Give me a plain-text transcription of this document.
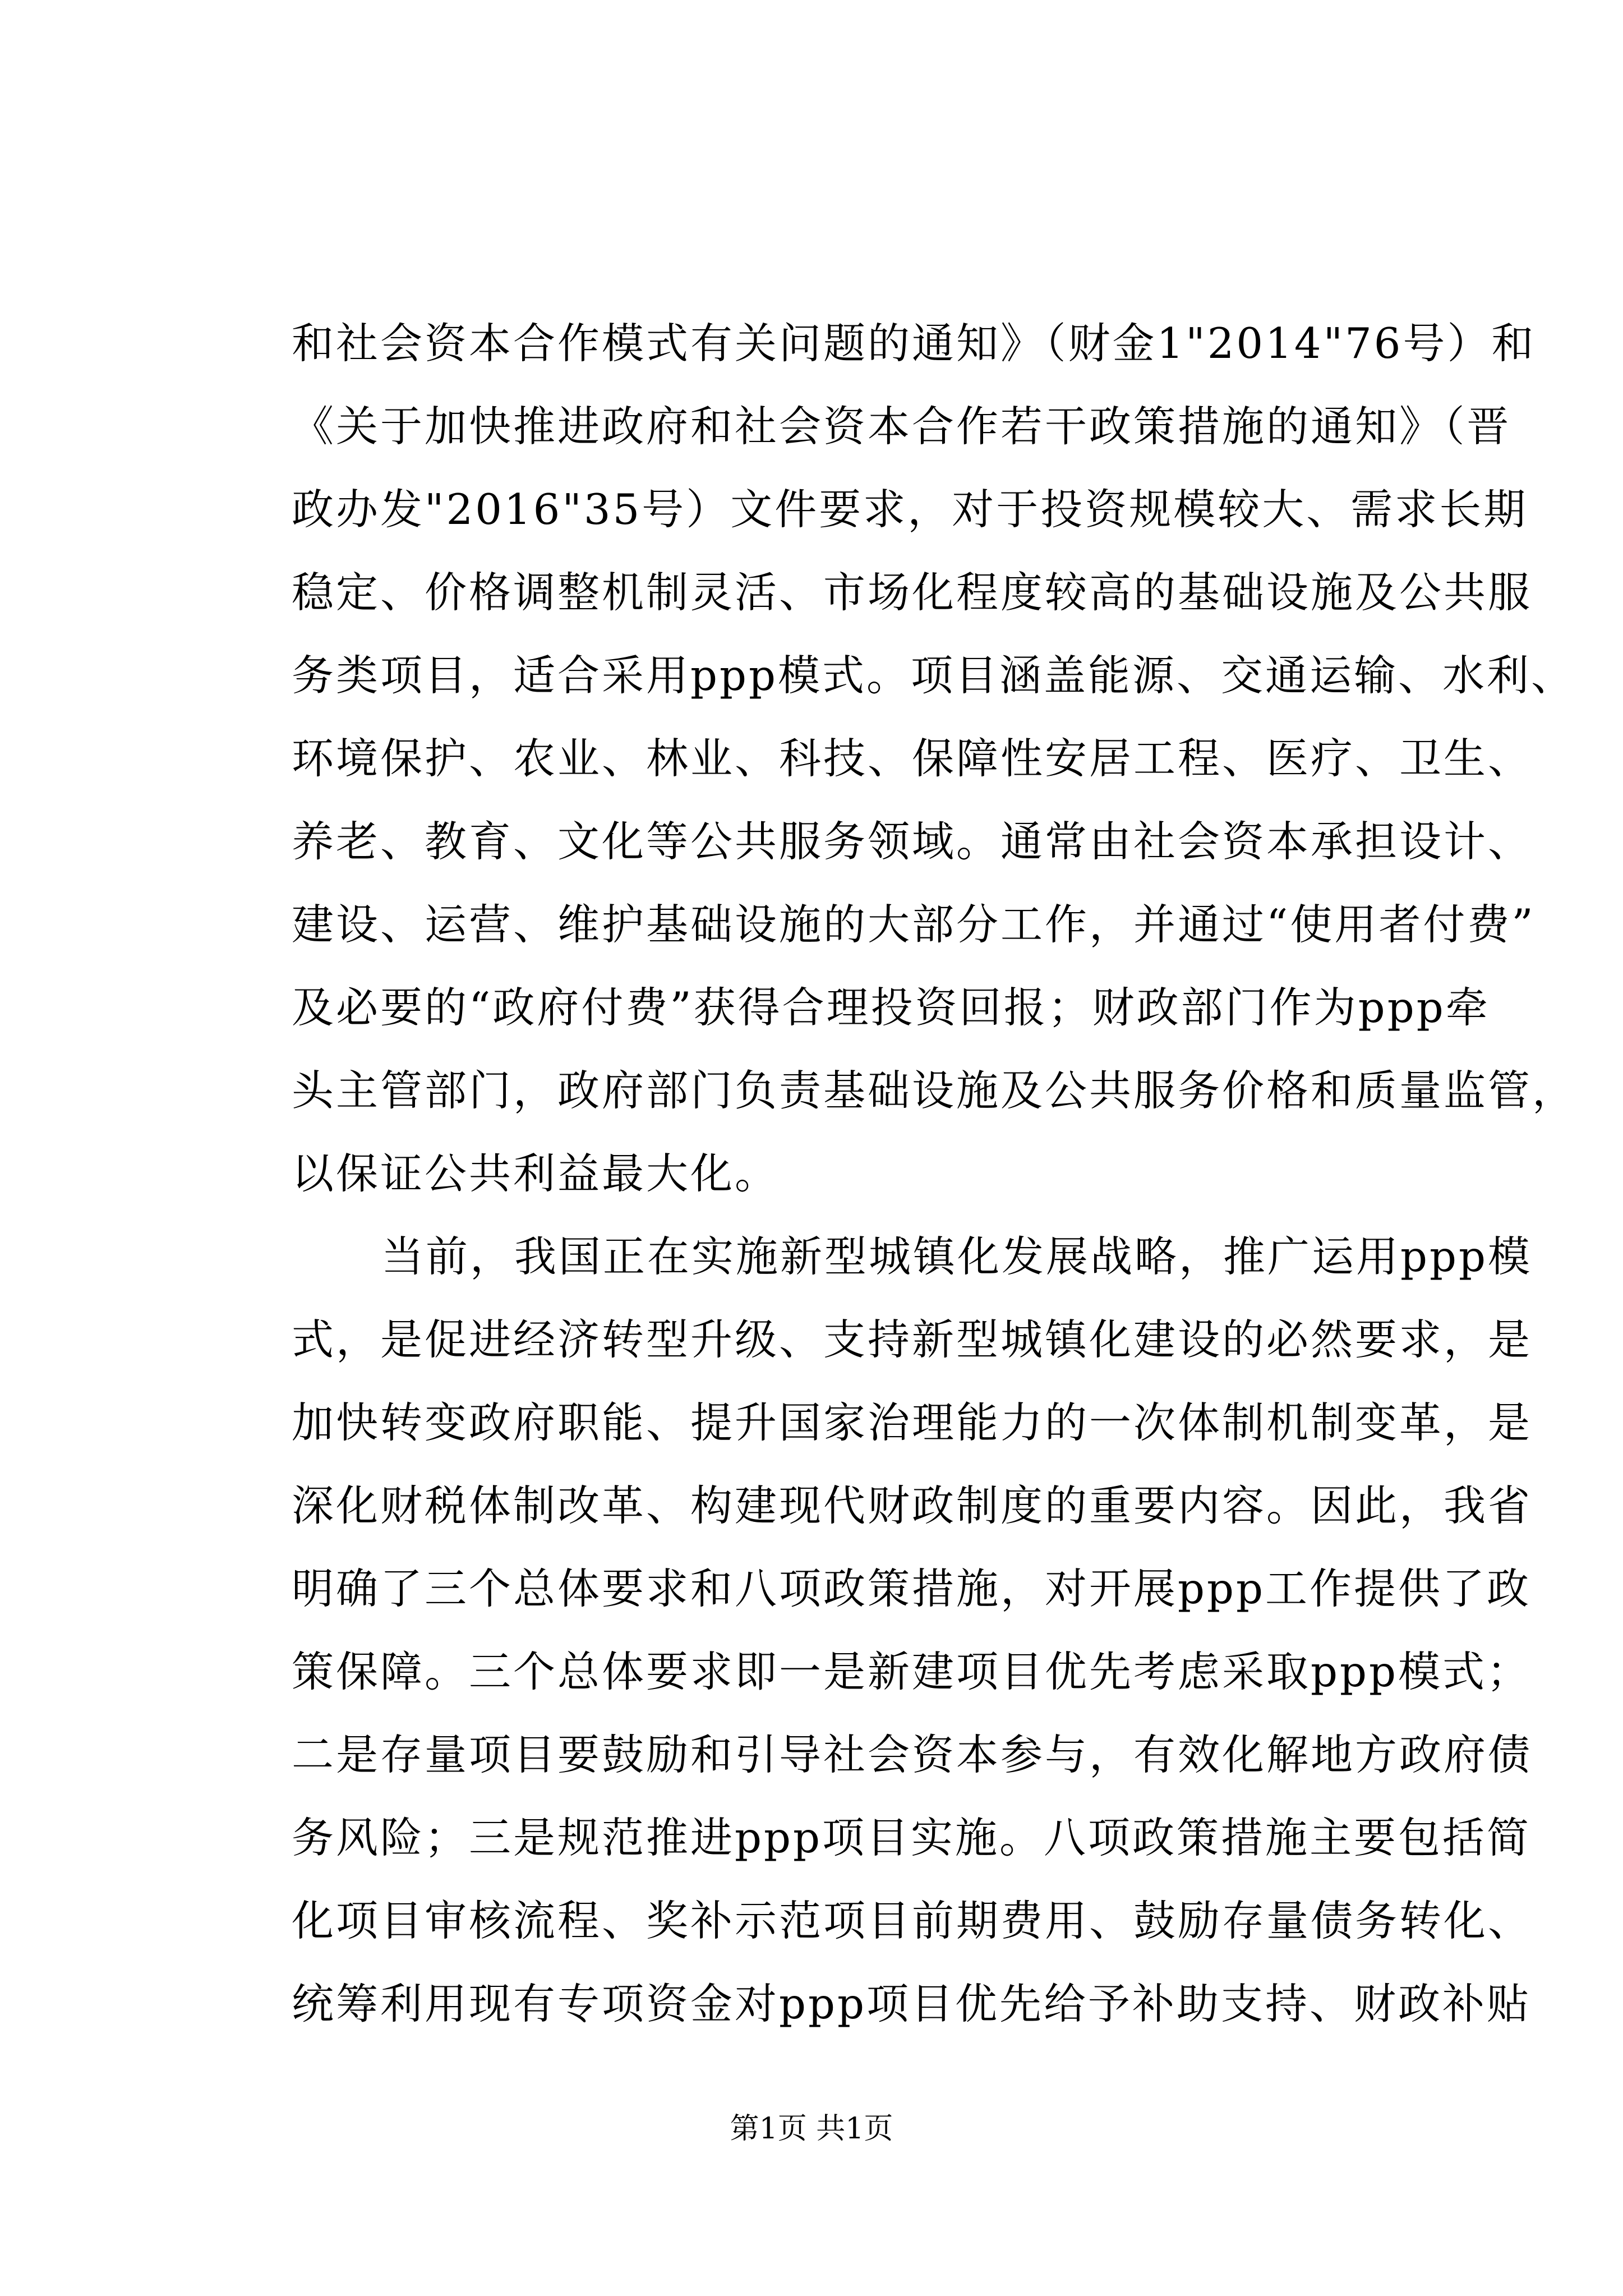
和社会资本合作模式有关问题的通知》（财金1"2014"76号）和
《关于加快推进政府和社会资本合作若干政策措施的通知》（晋
政办发"2016"35号）文件要求，对于投资规模较大、需求长期
稳定、价格调整机制灵活、市场化程度较高的基础设施及公共服
务类项目，适合采用ppp模式。项目涵盖能源、交通运输、水利、
环境保护、农业、林业、科技、保障性安居工程、医疗、卫生、
养老、教育、文化等公共服务领域。通常由社会资本承担设计、
建设、运营、维护基础设施的大部分工作，并通过“使用者付费”
及必要的“政府付费”获得合理投资回报；财政部门作为ppp牵
头主管部门，政府部门负责基础设施及公共服务价格和质量监管，
以保证公共利益最大化。
当前，我国正在实施新型城镇化发展战略，推广运用ppp模
式，是促进经济转型升级、支持新型城镇化建设的必然要求，是
加快转变政府职能、提升国家治理能力的一次体制机制变革，是
深化财税体制改革、构建现代财政制度的重要内容。因此，我省
明确了三个总体要求和八项政策措施，对开展ppp工作提供了政
策保障。三个总体要求即一是新建项目优先考虑采取ppp模式；
二是存量项目要鼓励和引导社会资本参与，有效化解地方政府债
务风险；三是规范推进ppp项目实施。八项政策措施主要包括简
化项目审核流程、奖补示范项目前期费用、鼓励存量债务转化、
统筹利用现有专项资金对ppp项目优先给予补助支持、财政补贴
第1页 共1页
